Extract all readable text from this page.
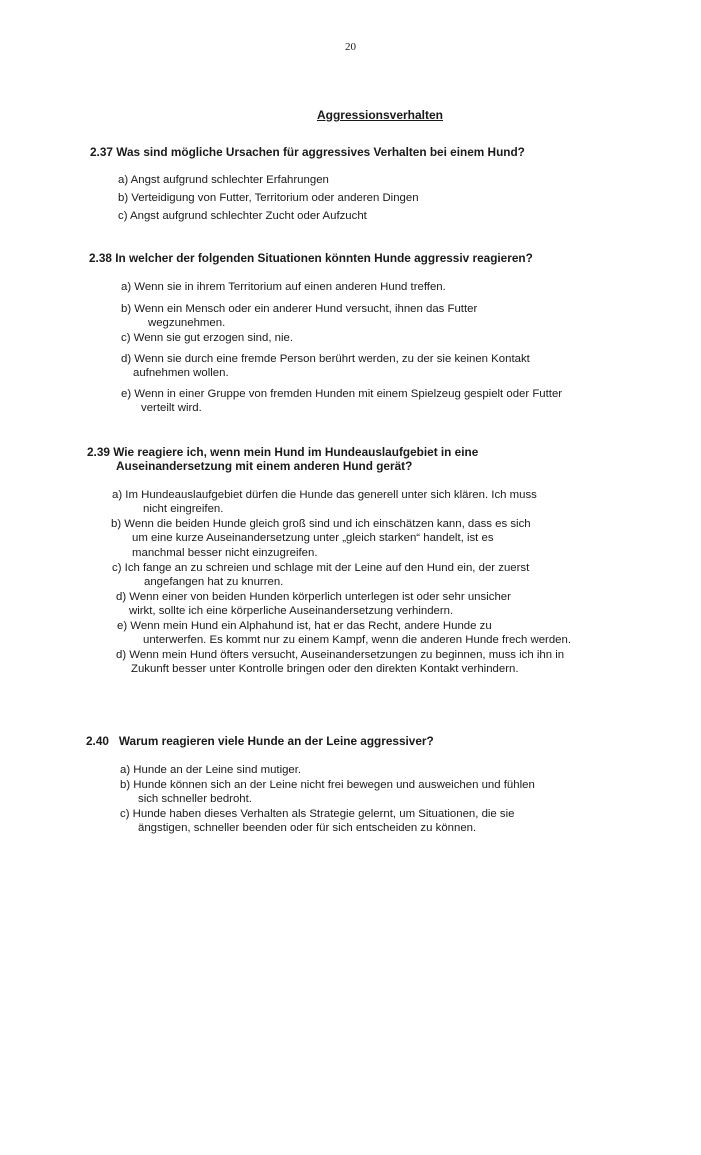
20
Aggressionsverhalten
2.37 Was sind mögliche Ursachen für aggressives Verhalten bei einem Hund?
a) Angst aufgrund schlechter Erfahrungen
b) Verteidigung von Futter, Territorium oder anderen Dingen
c) Angst aufgrund schlechter Zucht oder Aufzucht
2.38 In welcher der folgenden Situationen könnten Hunde aggressiv reagieren?
a) Wenn sie in ihrem Territorium auf einen anderen Hund treffen.
b) Wenn ein Mensch oder ein anderer Hund versucht, ihnen das Futter
wegzunehmen.
c) Wenn sie gut erzogen sind, nie.
d) Wenn sie durch eine fremde Person berührt werden, zu der sie keinen Kontakt
aufnehmen wollen.
e) Wenn in einer Gruppe von fremden Hunden mit einem Spielzeug gespielt oder Futter
verteilt wird.
2.39 Wie reagiere ich, wenn mein Hund im Hundeauslaufgebiet in eine
Auseinandersetzung mit einem anderen Hund gerät?
a) Im Hundeauslaufgebiet dürfen die Hunde das generell unter sich klären. Ich muss
nicht eingreifen.
b) Wenn die beiden Hunde gleich groß sind und ich einschätzen kann, dass es sich
um eine kurze Auseinandersetzung unter „gleich starken“ handelt, ist es
manchmal besser nicht einzugreifen.
c) Ich fange an zu schreien und schlage mit der Leine auf den Hund ein, der zuerst
angefangen hat zu knurren.
d) Wenn einer von beiden Hunden körperlich unterlegen ist oder sehr unsicher
wirkt, sollte ich eine körperliche Auseinandersetzung verhindern.
e) Wenn mein Hund ein Alphahund ist, hat er das Recht, andere Hunde zu
unterwerfen. Es kommt nur zu einem Kampf, wenn die anderen Hunde frech werden.
d) Wenn mein Hund öfters versucht, Auseinandersetzungen zu beginnen, muss ich ihn in
Zukunft besser unter Kontrolle bringen oder den direkten Kontakt verhindern.
2.40 Warum reagieren viele Hunde an der Leine aggressiver?
a) Hunde an der Leine sind mutiger.
b) Hunde können sich an der Leine nicht frei bewegen und ausweichen und fühlen
sich schneller bedroht.
c) Hunde haben dieses Verhalten als Strategie gelernt, um Situationen, die sie
ängstigen, schneller beenden oder für sich entscheiden zu können.
